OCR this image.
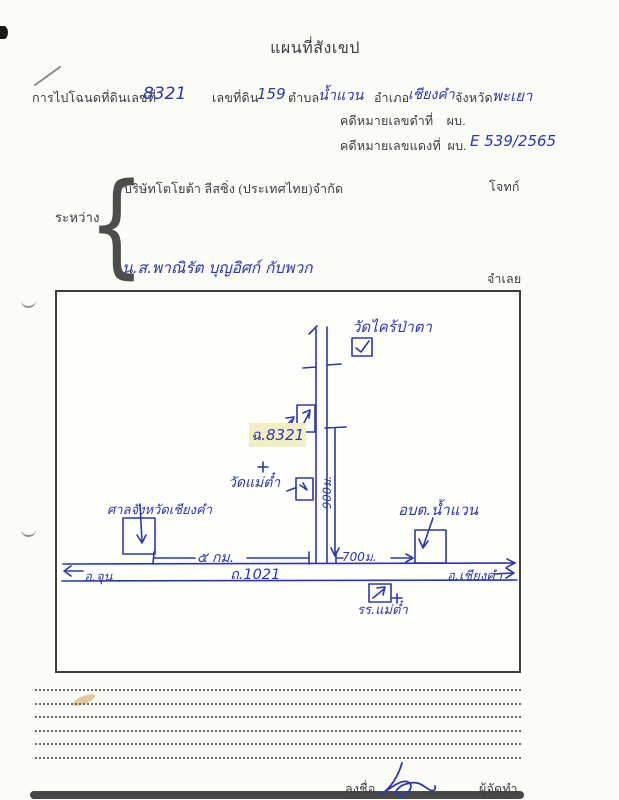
แผนที่สังเขป
การไปโฉนดที่ดินเลขที่
8321 เลขที่ดิน
159 ตำบล
น้ำแวน อำเภอ
เชียงคำ จังหวัด พะเยา
คดีหมายเลขดำที่    ผบ.
คดีหมายเลขแดงที่  ผบ. E 539/2565
ระหว่าง
{
บริษัทโตโยต้า ลีสซิ่ง (ประเทศไทย)จำกัด	โจทก์
น.ส.พาณิรัต บุญอิศก์ กับพวก
จำเลย
วัดไคร้ป่าตา
ฉ.8321
วัดแม่ต๋ำ
ศาลจังหวัดเชียงคำ	อบต.น้ำแวน
รร.แม่ต๋ำ
ถ.1021
๕ กม.	700ม.
900ม.
อ.จุน	อ.เชียงคำ
ลงชื่อ	ผู้จัดทำ
